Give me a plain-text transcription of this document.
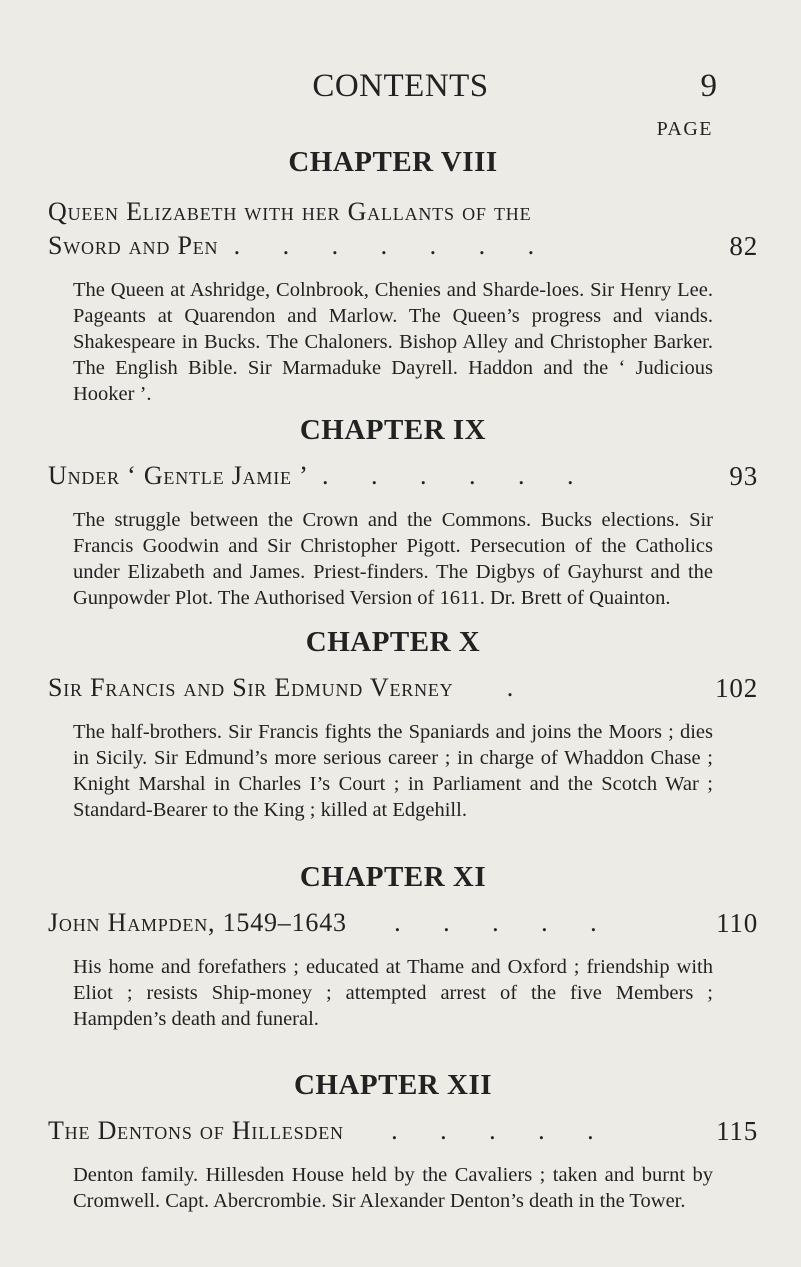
CONTENTS	9
PAGE
CHAPTER VIII
Queen Elizabeth with her Gallants of the
Sword and Pen . . . . . . .	82

The Queen at Ashridge, Colnbrook, Chenies and Sharde-loes. Sir Henry Lee. Pageants at Quarendon and Marlow. The Queen’s progress and viands. Shakespeare in Bucks. The Chaloners. Bishop Alley and Christopher Barker. The English Bible. Sir Marmaduke Dayrell. Haddon and the ‘ Judicious Hooker ’.

CHAPTER IX
Under ‘ Gentle Jamie ’ . . . . . .	93

The struggle between the Crown and the Commons. Bucks elections. Sir Francis Goodwin and Sir Christopher Pigott. Persecution of the Catholics under Elizabeth and James. Priest-finders. The Digbys of Gayhurst and the Gunpowder Plot. The Authorised Version of 1611. Dr. Brett of Quainton.

CHAPTER X
Sir Francis and Sir Edmund Verney .	102

The half-brothers. Sir Francis fights the Spaniards and joins the Moors ; dies in Sicily. Sir Edmund’s more serious career ; in charge of Whaddon Chase ; Knight Marshal in Charles I’s Court ; in Parliament and the Scotch War ; Standard-Bearer to the King ; killed at Edgehill.

CHAPTER XI
John Hampden, 1549–1643 . . . . .	110

His home and forefathers ; educated at Thame and Oxford ; friendship with Eliot ; resists Ship-money ; attempted arrest of the five Members ; Hampden’s death and funeral.

CHAPTER XII
The Dentons of Hillesden . . . . .	115

Denton family. Hillesden House held by the Cavaliers ; taken and burnt by Cromwell. Capt. Abercrombie. Sir Alexander Denton’s death in the Tower.
